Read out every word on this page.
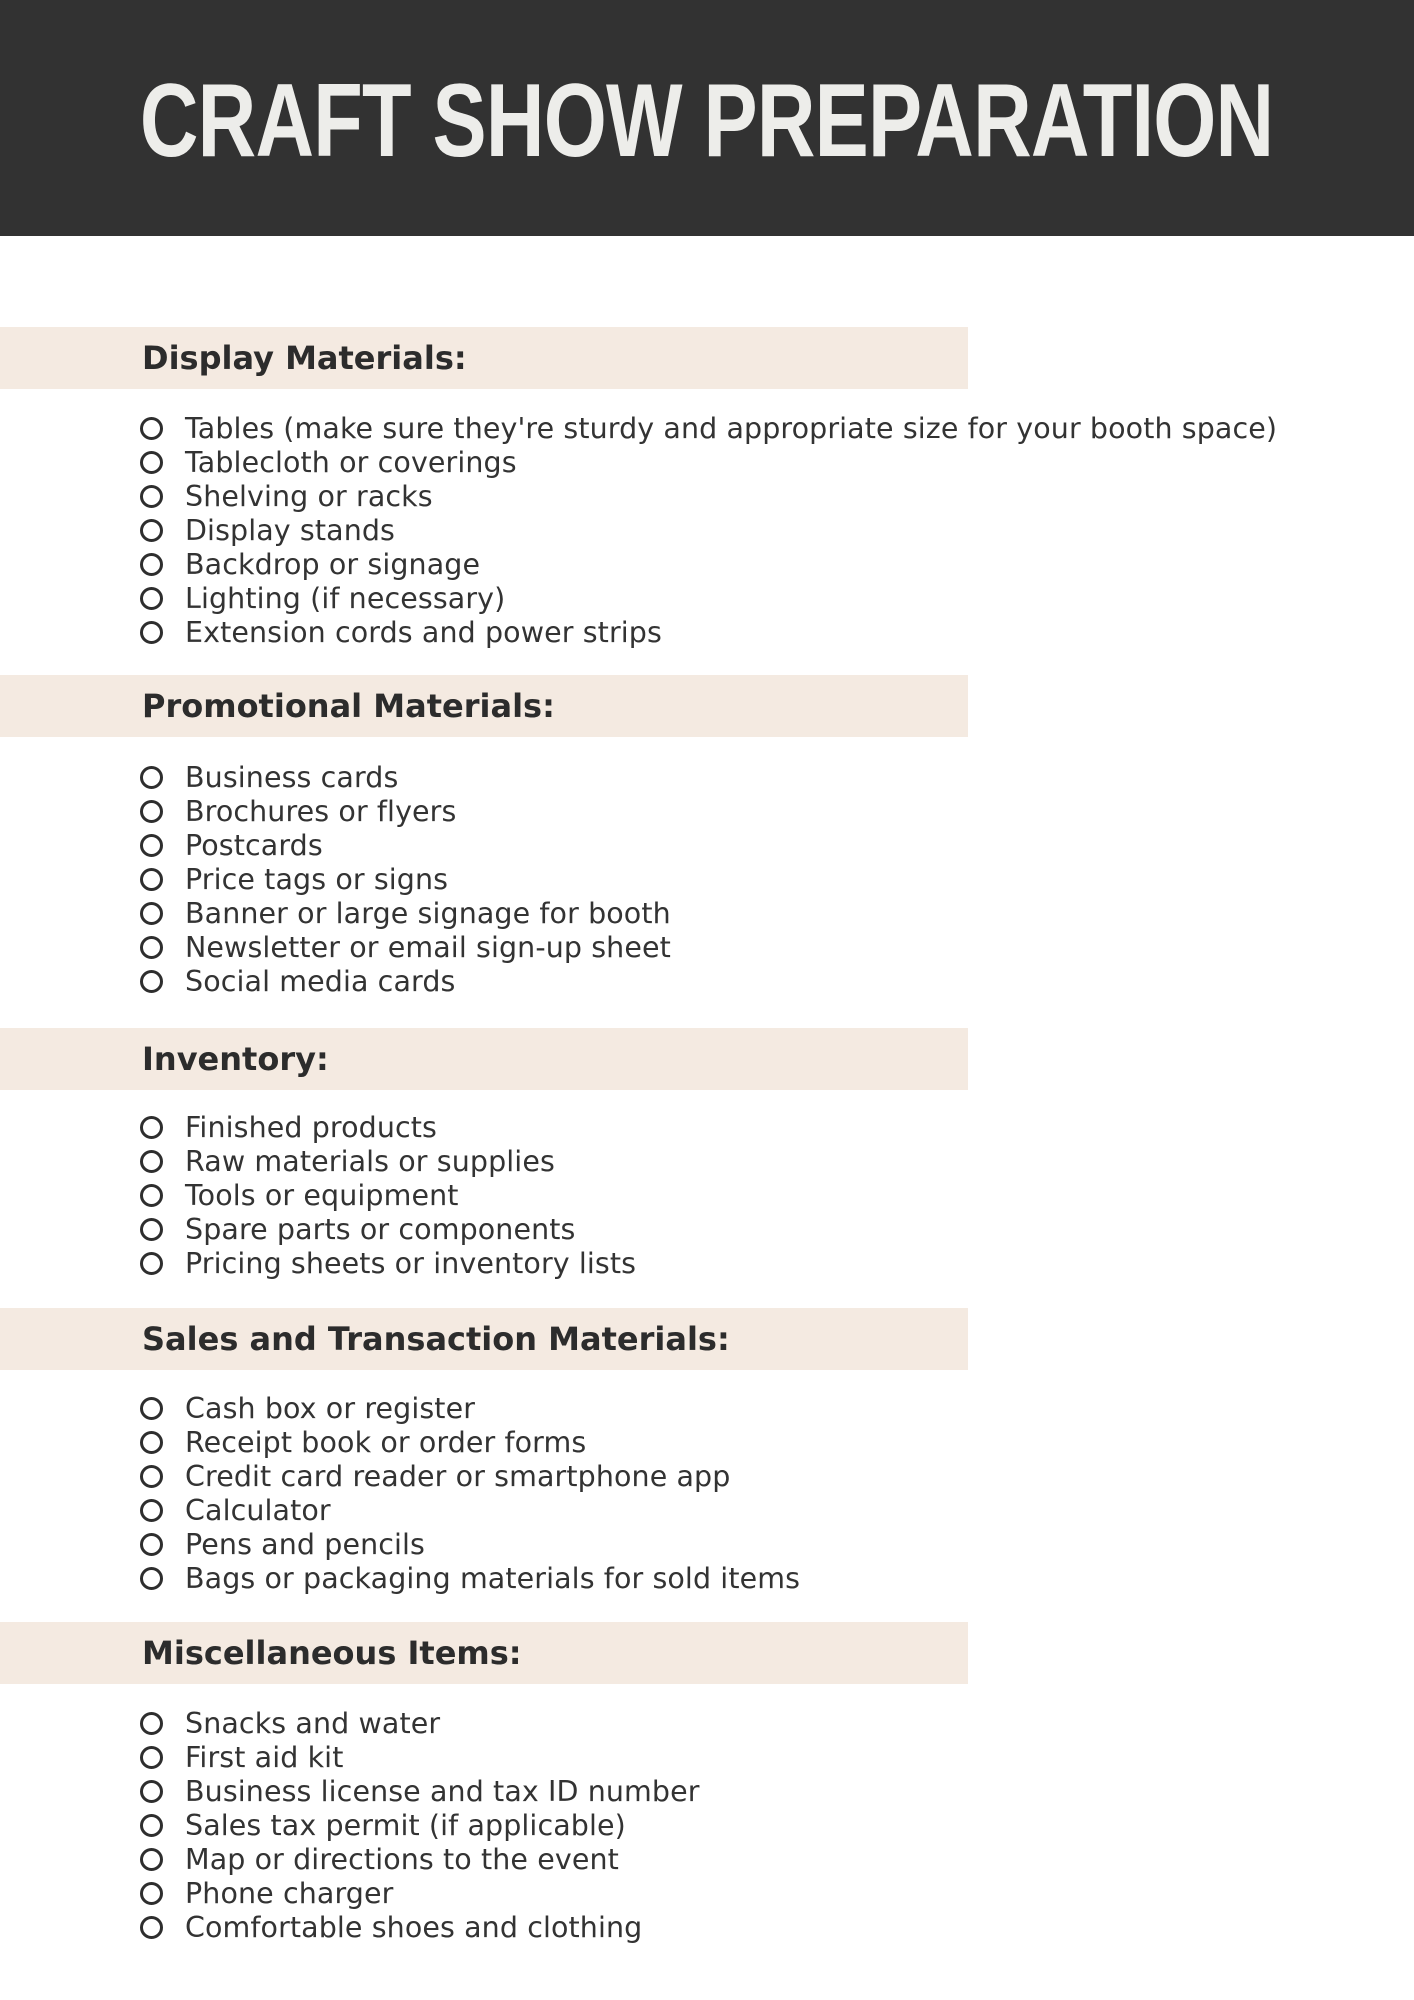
CRAFT SHOW PREPARATION
Display Materials:
Tables (make sure they're sturdy and appropriate size for your booth space)
Tablecloth or coverings
Shelving or racks
Display stands
Backdrop or signage
Lighting (if necessary)
Extension cords and power strips
Promotional Materials:
Business cards
Brochures or flyers
Postcards
Price tags or signs
Banner or large signage for booth
Newsletter or email sign-up sheet
Social media cards
Inventory:
Finished products
Raw materials or supplies
Tools or equipment
Spare parts or components
Pricing sheets or inventory lists
Sales and Transaction Materials:
Cash box or register
Receipt book or order forms
Credit card reader or smartphone app
Calculator
Pens and pencils
Bags or packaging materials for sold items
Miscellaneous Items:
Snacks and water
First aid kit
Business license and tax ID number
Sales tax permit (if applicable)
Map or directions to the event
Phone charger
Comfortable shoes and clothing
